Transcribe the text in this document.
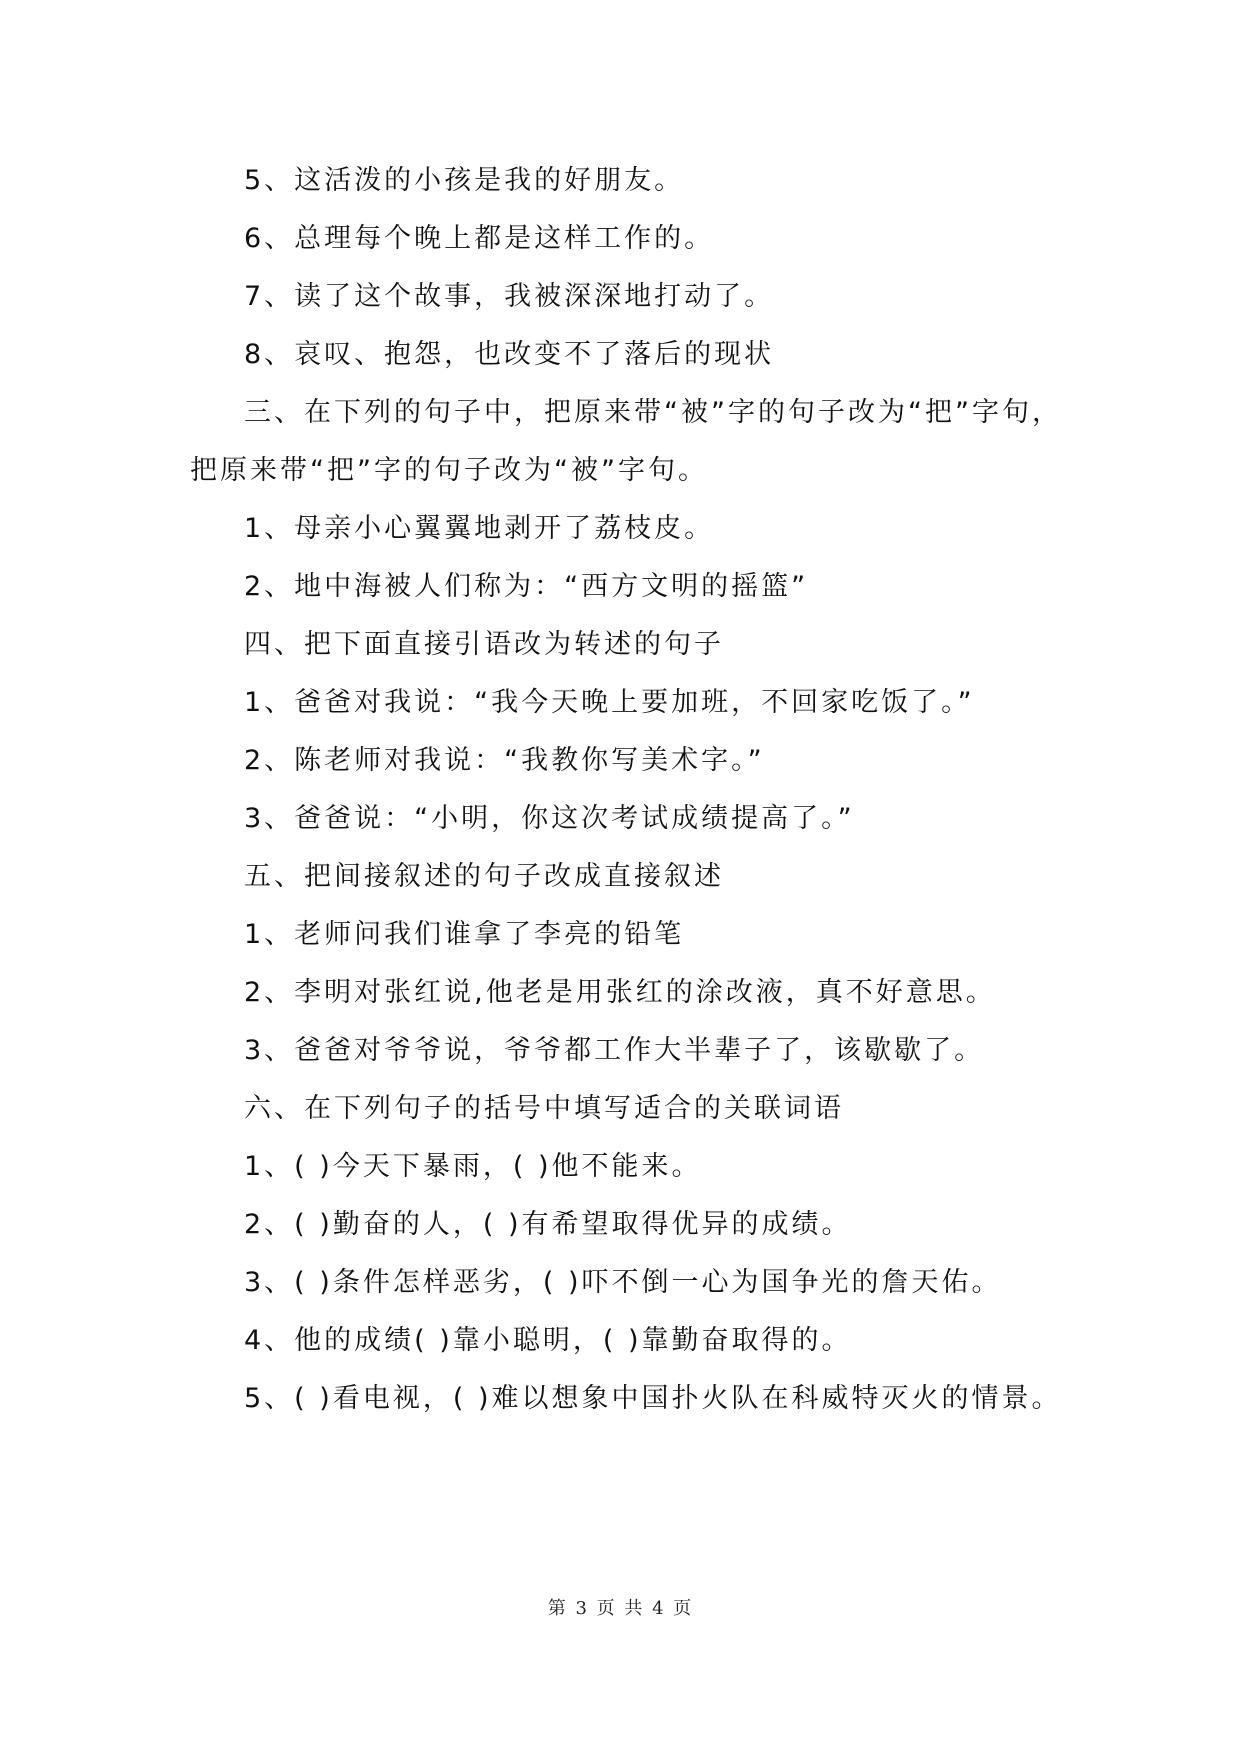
5、这活泼的小孩是我的好朋友。
6、总理每个晚上都是这样工作的。
7、读了这个故事，我被深深地打动了。
8、哀叹、抱怨，也改变不了落后的现状
三、在下列的句子中，把原来带“被”字的句子改为“把”字句，
把原来带“把”字的句子改为“被”字句。
1、母亲小心翼翼地剥开了荔枝皮。
2、地中海被人们称为：“西方文明的摇篮”
四、把下面直接引语改为转述的句子
1、爸爸对我说：“我今天晚上要加班，不回家吃饭了。”
2、陈老师对我说：“我教你写美术字。”
3、爸爸说：“小明，你这次考试成绩提高了。”
五、把间接叙述的句子改成直接叙述
1、老师问我们谁拿了李亮的铅笔
2、李明对张红说,他老是用张红的涂改液，真不好意思。
3、爸爸对爷爷说，爷爷都工作大半辈子了，该歇歇了。
六、在下列句子的括号中填写适合的关联词语
1、( )今天下暴雨，( )他不能来。
2、( )勤奋的人，( )有希望取得优异的成绩。
3、( )条件怎样恶劣，( )吓不倒一心为国争光的詹天佑。
4、他的成绩( )靠小聪明，( )靠勤奋取得的。
5、( )看电视，( )难以想象中国扑火队在科威特灭火的情景。
第 3 页 共 4 页
